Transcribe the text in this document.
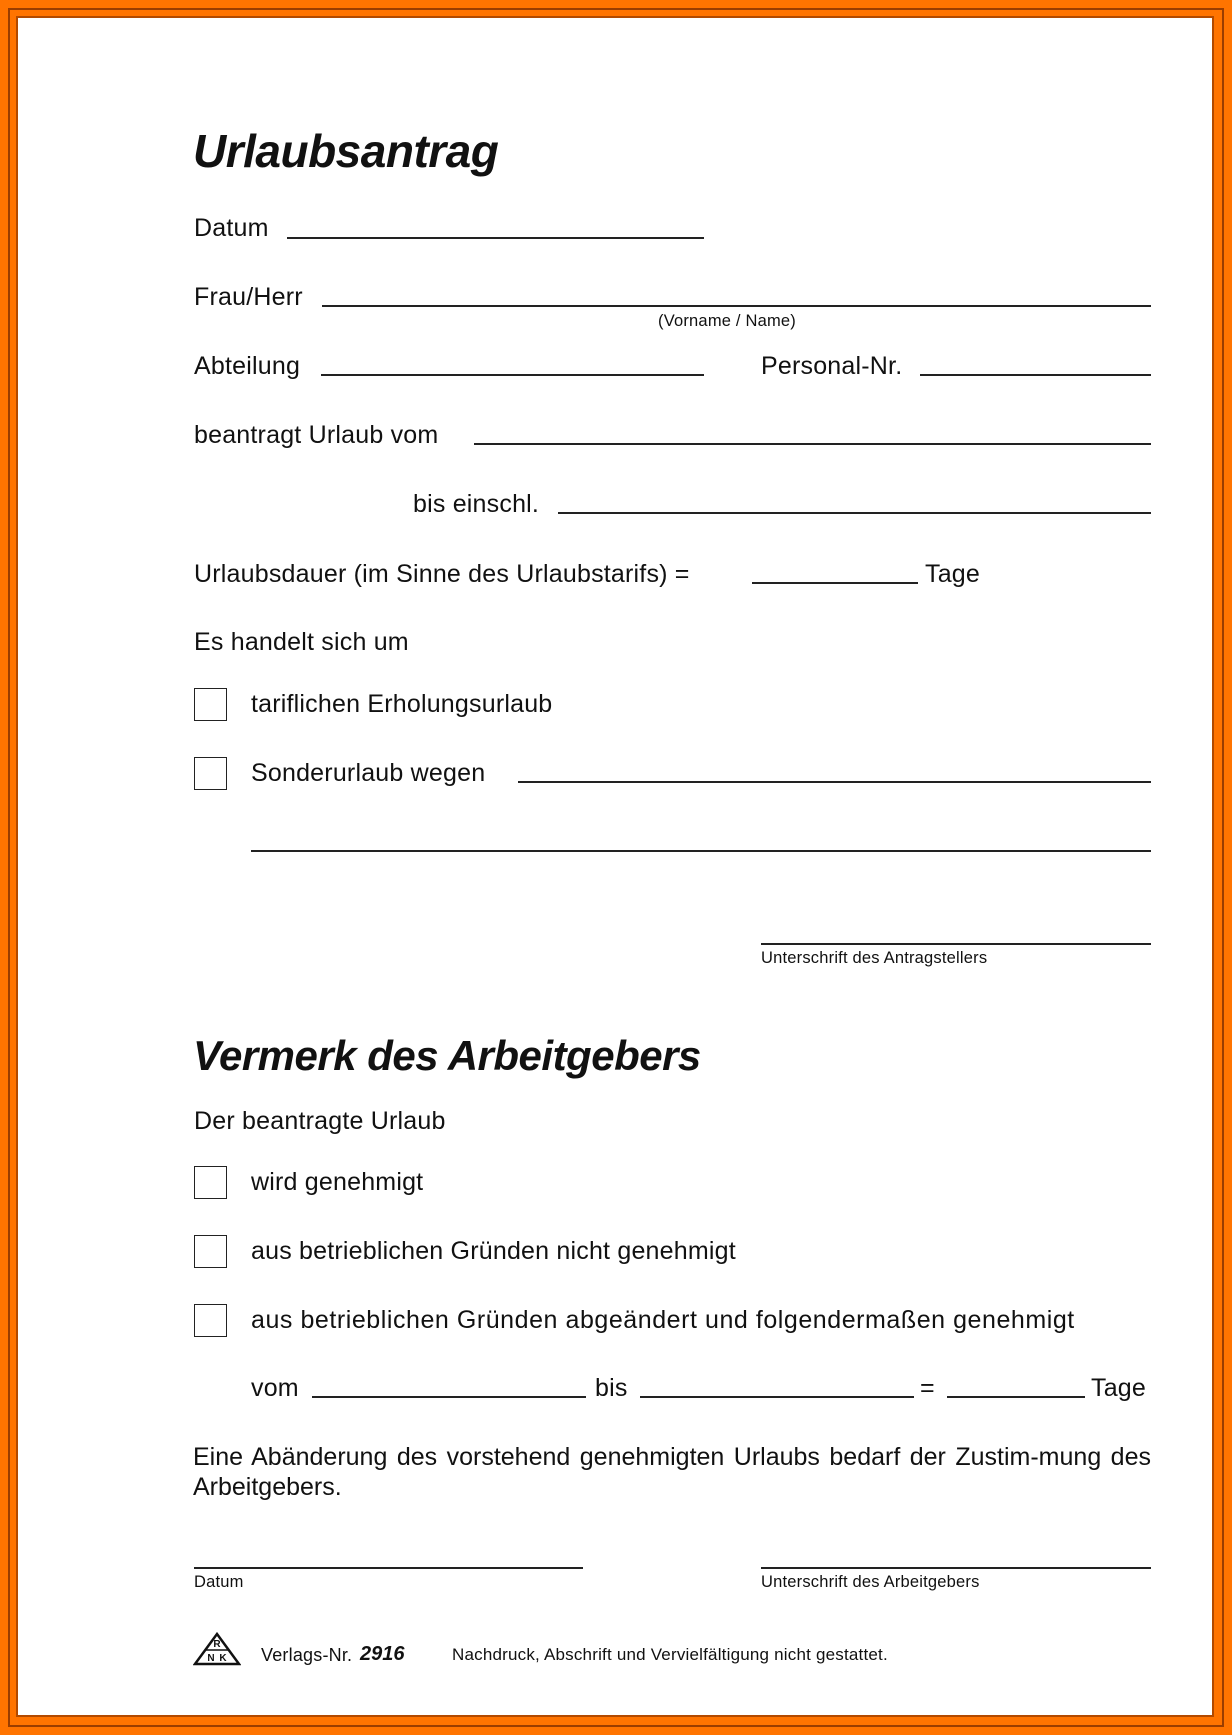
Urlaubsantrag
Datum
Frau/Herr
(Vorname / Name)
Abteilung	Personal-Nr.
beantragt Urlaub vom
bis einschl.
Urlaubsdauer (im Sinne des Urlaubstarifs) =	Tage
Es handelt sich um
tariflichen Erholungsurlaub
Sonderurlaub wegen
Unterschrift des Antragstellers
Vermerk des Arbeitgebers
Der beantragte Urlaub
wird genehmigt
aus betrieblichen Gründen nicht genehmigt
aus betrieblichen Gründen abgeändert und folgendermaßen genehmigt
vom	bis	=	Tage
Eine Abänderung des vorstehend genehmigten Urlaubs bedarf der Zustim-mung des Arbeitgebers.
Datum	Unterschrift des Arbeitgebers
R
N K Verlags-Nr. 2916	Nachdruck, Abschrift und Vervielfältigung nicht gestattet.
